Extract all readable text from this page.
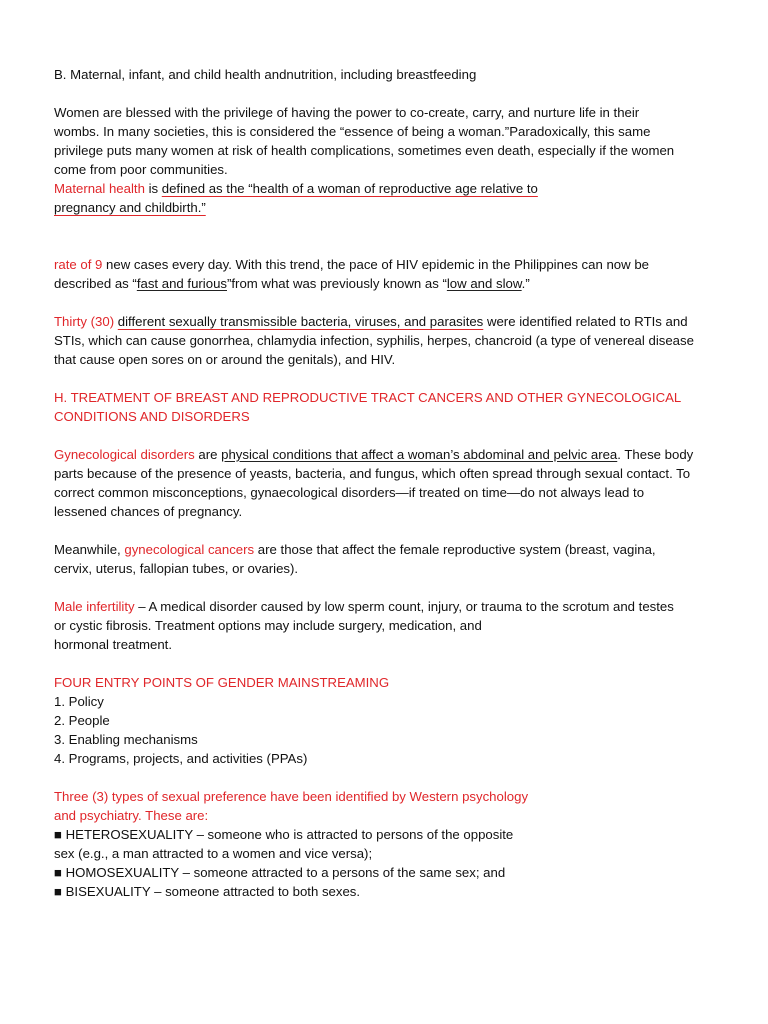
B. Maternal, infant, and child health andnutrition, including breastfeeding
Women are blessed with the privilege of having the power to co-create, carry, and nurture life in their
wombs. In many societies, this is considered the “essence of being a woman.”Paradoxically, this same
privilege puts many women at risk of health complications, sometimes even death, especially if the women
come from poor communities.
Maternal health is defined as the “health of a woman of reproductive age relative to
pregnancy and childbirth.”
rate of 9 new cases every day. With this trend, the pace of HIV epidemic in the Philippines can now be
described as “fast and furious”from what was previously known as “low and slow.”
Thirty (30) different sexually transmissible bacteria, viruses, and parasites were identified related to RTIs and
STIs, which can cause gonorrhea, chlamydia infection, syphilis, herpes, chancroid (a type of venereal disease
that cause open sores on or around the genitals), and HIV.
H. TREATMENT OF BREAST AND REPRODUCTIVE TRACT CANCERS AND OTHER GYNECOLOGICAL
CONDITIONS AND DISORDERS
Gynecological disorders are physical conditions that affect a woman’s abdominal and pelvic area. These body
parts because of the presence of yeasts, bacteria, and fungus, which often spread through sexual contact. To
correct common misconceptions, gynaecological disorders—if treated on time—do not always lead to
lessened chances of pregnancy.
Meanwhile, gynecological cancers are those that affect the female reproductive system (breast, vagina,
cervix, uterus, fallopian tubes, or ovaries).
Male infertility – A medical disorder caused by low sperm count, injury, or trauma to the scrotum and testes
or cystic fibrosis. Treatment options may include surgery, medication, and
hormonal treatment.
FOUR ENTRY POINTS OF GENDER MAINSTREAMING
1. Policy
2. People
3. Enabling mechanisms
4. Programs, projects, and activities (PPAs)
Three (3) types of sexual preference have been identified by Western psychology
and psychiatry. These are:
■ HETEROSEXUALITY – someone who is attracted to persons of the opposite
sex (e.g., a man attracted to a women and vice versa);
■ HOMOSEXUALITY – someone attracted to a persons of the same sex; and
■ BISEXUALITY – someone attracted to both sexes.
